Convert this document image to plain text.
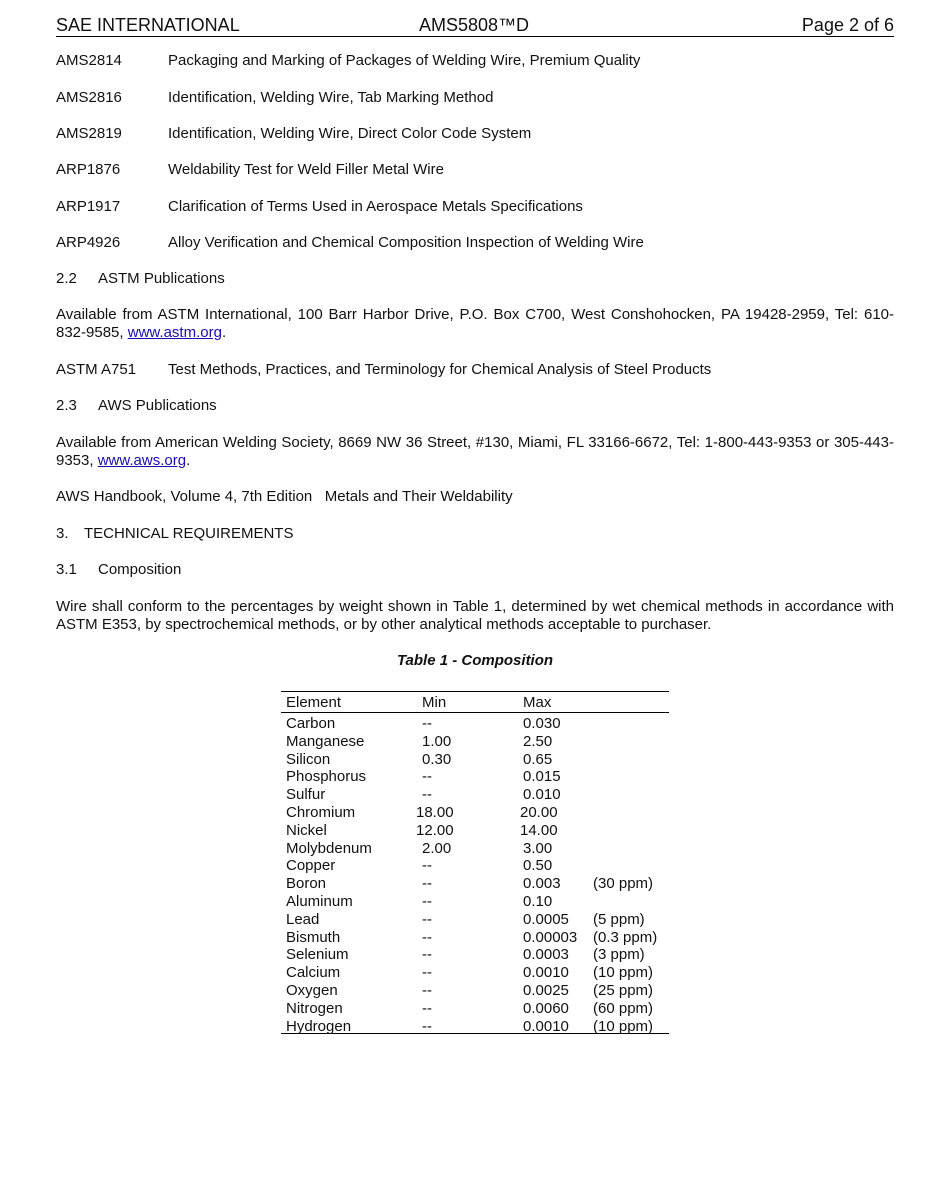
SAE INTERNATIONAL	AMS5808™D	Page 2 of 6
AMS2814	Packaging and Marking of Packages of Welding Wire, Premium Quality
AMS2816	Identification, Welding Wire, Tab Marking Method
AMS2819	Identification, Welding Wire, Direct Color Code System
ARP1876	Weldability Test for Weld Filler Metal Wire
ARP1917	Clarification of Terms Used in Aerospace Metals Specifications
ARP4926	Alloy Verification and Chemical Composition Inspection of Welding Wire
2.2 ASTM Publications
Available from ASTM International, 100 Barr Harbor Drive, P.O. Box C700, West Conshohocken, PA 19428-2959, Tel: 610-832-9585, www.astm.org.
ASTM A751	Test Methods, Practices, and Terminology for Chemical Analysis of Steel Products
2.3 AWS Publications
Available from American Welding Society, 8669 NW 36 Street, #130, Miami, FL 33166-6672, Tel: 1-800-443-9353 or 305-443-9353, www.aws.org.
AWS Handbook, Volume 4, 7th Edition   Metals and Their Weldability
3. TECHNICAL REQUIREMENTS
3.1 Composition
Wire shall conform to the percentages by weight shown in Table 1, determined by wet chemical methods in accordance with ASTM E353, by spectrochemical methods, or by other analytical methods acceptable to purchaser.
Table 1 - Composition
Element	Min	Max
Carbon	--	0.030
Manganese	1.00	2.50
Silicon	0.30	0.65
Phosphorus	--	0.015
Sulfur	--	0.010
Chromium	18.00	20.00
Nickel	12.00	14.00
Molybdenum	2.00	3.00
Copper	--	0.50
Boron	--	0.003 (30 ppm)
Aluminum	--	0.10
Lead	--	0.0005 (5 ppm)
Bismuth	--	0.00003 (0.3 ppm)
Selenium	--	0.0003 (3 ppm)
Calcium	--	0.0010 (10 ppm)
Oxygen	--	0.0025 (25 ppm)
Nitrogen	--	0.0060 (60 ppm)
Hydrogen	--	0.0010 (10 ppm)
